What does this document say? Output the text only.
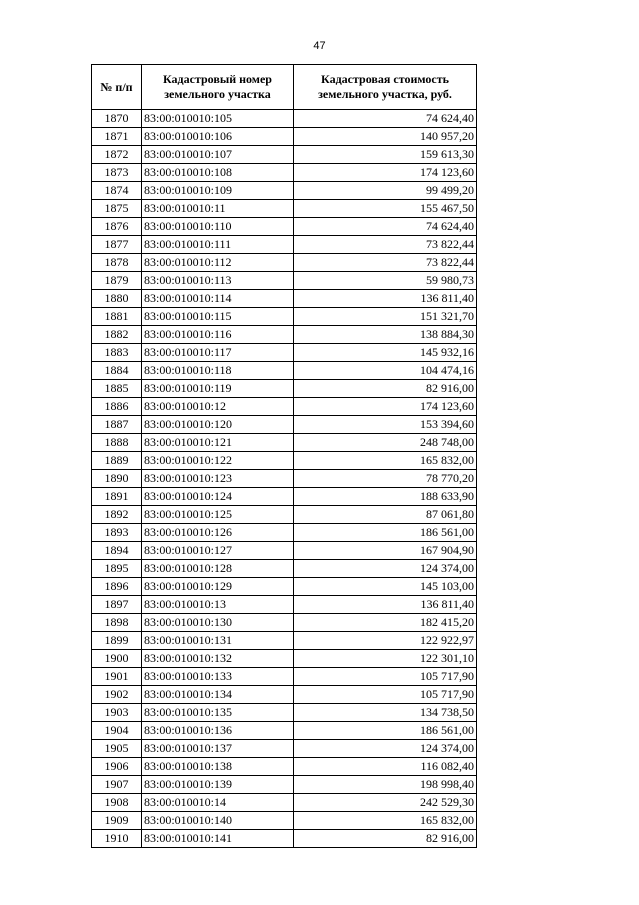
47
№ п/п	Кадастровый номер земельного участка	Кадастровая стоимость земельного участка, руб.
1870	83:00:010010:105	74 624,40
1871	83:00:010010:106	140 957,20
1872	83:00:010010:107	159 613,30
1873	83:00:010010:108	174 123,60
1874	83:00:010010:109	99 499,20
1875	83:00:010010:11	155 467,50
1876	83:00:010010:110	74 624,40
1877	83:00:010010:111	73 822,44
1878	83:00:010010:112	73 822,44
1879	83:00:010010:113	59 980,73
1880	83:00:010010:114	136 811,40
1881	83:00:010010:115	151 321,70
1882	83:00:010010:116	138 884,30
1883	83:00:010010:117	145 932,16
1884	83:00:010010:118	104 474,16
1885	83:00:010010:119	82 916,00
1886	83:00:010010:12	174 123,60
1887	83:00:010010:120	153 394,60
1888	83:00:010010:121	248 748,00
1889	83:00:010010:122	165 832,00
1890	83:00:010010:123	78 770,20
1891	83:00:010010:124	188 633,90
1892	83:00:010010:125	87 061,80
1893	83:00:010010:126	186 561,00
1894	83:00:010010:127	167 904,90
1895	83:00:010010:128	124 374,00
1896	83:00:010010:129	145 103,00
1897	83:00:010010:13	136 811,40
1898	83:00:010010:130	182 415,20
1899	83:00:010010:131	122 922,97
1900	83:00:010010:132	122 301,10
1901	83:00:010010:133	105 717,90
1902	83:00:010010:134	105 717,90
1903	83:00:010010:135	134 738,50
1904	83:00:010010:136	186 561,00
1905	83:00:010010:137	124 374,00
1906	83:00:010010:138	116 082,40
1907	83:00:010010:139	198 998,40
1908	83:00:010010:14	242 529,30
1909	83:00:010010:140	165 832,00
1910	83:00:010010:141	82 916,00
